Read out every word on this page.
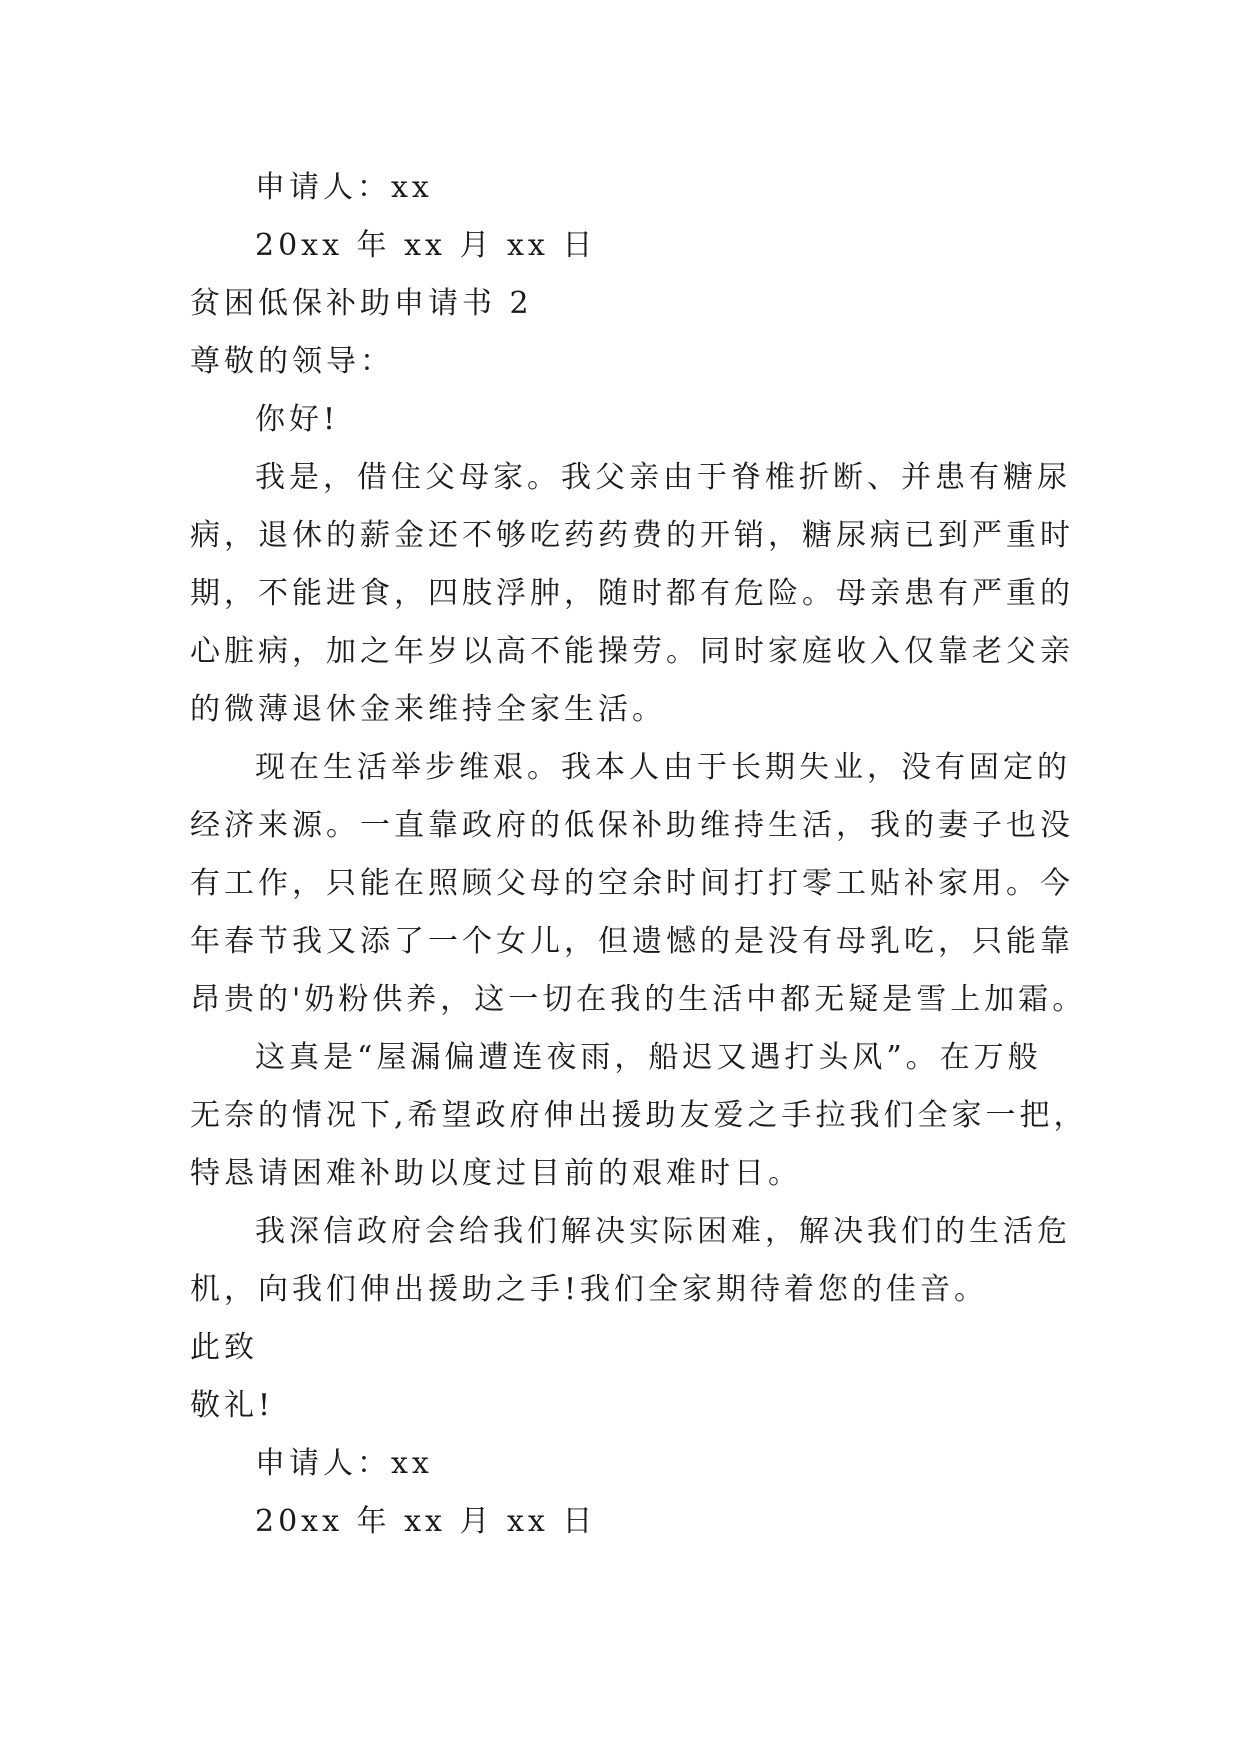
申请人：xx
20xx 年 xx 月 xx 日
贫困低保补助申请书 2
尊敬的领导：
你好!
我是，借住父母家。我父亲由于脊椎折断、并患有糖尿
病，退休的薪金还不够吃药药费的开销，糖尿病已到严重时
期，不能进食，四肢浮肿，随时都有危险。母亲患有严重的
心脏病，加之年岁以高不能操劳。同时家庭收入仅靠老父亲
的微薄退休金来维持全家生活。
现在生活举步维艰。我本人由于长期失业，没有固定的
经济来源。一直靠政府的低保补助维持生活，我的妻子也没
有工作，只能在照顾父母的空余时间打打零工贴补家用。今
年春节我又添了一个女儿，但遗憾的是没有母乳吃，只能靠
昂贵的'奶粉供养，这一切在我的生活中都无疑是雪上加霜。
这真是“屋漏偏遭连夜雨，船迟又遇打头风”。在万般
无奈的情况下,希望政府伸出援助友爱之手拉我们全家一把，
特恳请困难补助以度过目前的艰难时日。
我深信政府会给我们解决实际困难，解决我们的生活危
机，向我们伸出援助之手!我们全家期待着您的佳音。
此致
敬礼!
申请人：xx
20xx 年 xx 月 xx 日
